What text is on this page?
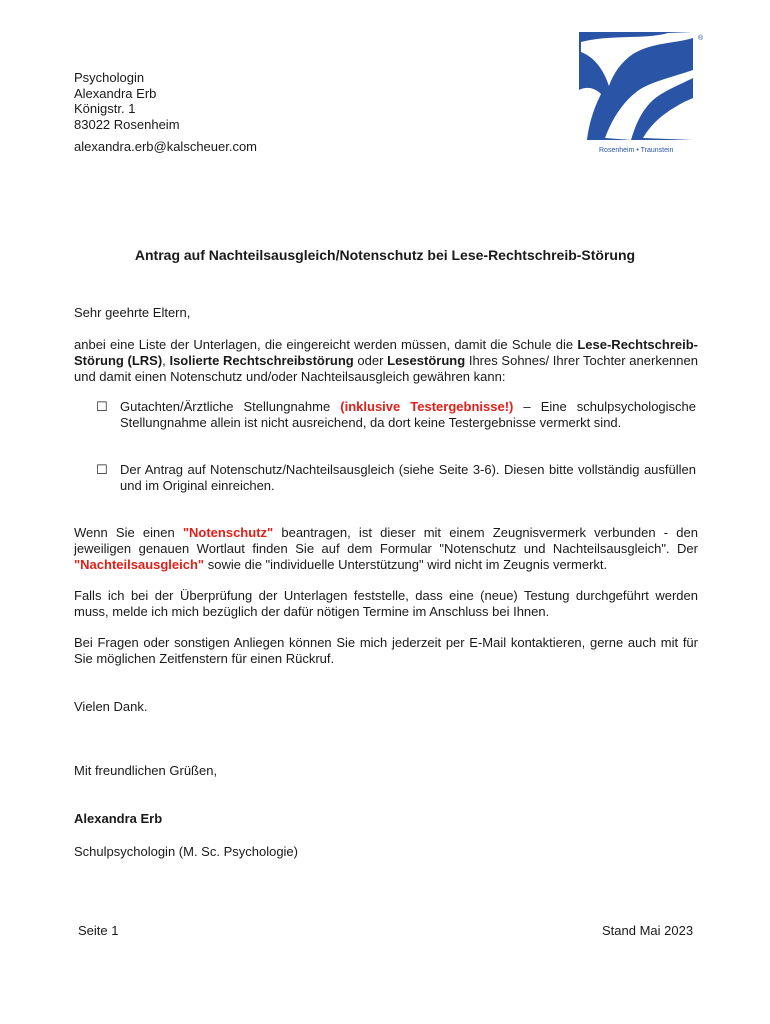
Psychologin
Alexandra Erb
Königstr. 1
83022 Rosenheim
alexandra.erb@kalscheuer.com	Rosenheim • Traunstein
®
Antrag auf Nachteilsausgleich/Notenschutz bei Lese-Rechtschreib-Störung
Sehr geehrte Eltern,
anbei eine Liste der Unterlagen, die eingereicht werden müssen, damit die Schule die Lese-Rechtschreib-Störung (LRS), Isolierte Rechtschreibstörung oder Lesestörung Ihres Sohnes/ Ihrer Tochter anerkennen und damit einen Notenschutz und/oder Nachteilsausgleich gewähren kann:
☐ Gutachten/Ärztliche Stellungnahme (inklusive Testergebnisse!) – Eine schulpsychologische Stellungnahme allein ist nicht ausreichend, da dort keine Testergebnisse vermerkt sind.
☐ Der Antrag auf Notenschutz/Nachteilsausgleich (siehe Seite 3-6). Diesen bitte vollständig ausfüllen und im Original einreichen.
Wenn Sie einen "Notenschutz" beantragen, ist dieser mit einem Zeugnisvermerk verbunden - den jeweiligen genauen Wortlaut finden Sie auf dem Formular "Notenschutz und Nachteilsausgleich". Der "Nachteilsausgleich" sowie die "individuelle Unterstützung" wird nicht im Zeugnis vermerkt.
Falls ich bei der Überprüfung der Unterlagen feststelle, dass eine (neue) Testung durchgeführt werden muss, melde ich mich bezüglich der dafür nötigen Termine im Anschluss bei Ihnen.
Bei Fragen oder sonstigen Anliegen können Sie mich jederzeit per E-Mail kontaktieren, gerne auch mit für Sie möglichen Zeitfenstern für einen Rückruf.
Vielen Dank.
Mit freundlichen Grüßen,
Alexandra Erb
Schulpsychologin (M. Sc. Psychologie)
Seite 1	Stand Mai 2023
